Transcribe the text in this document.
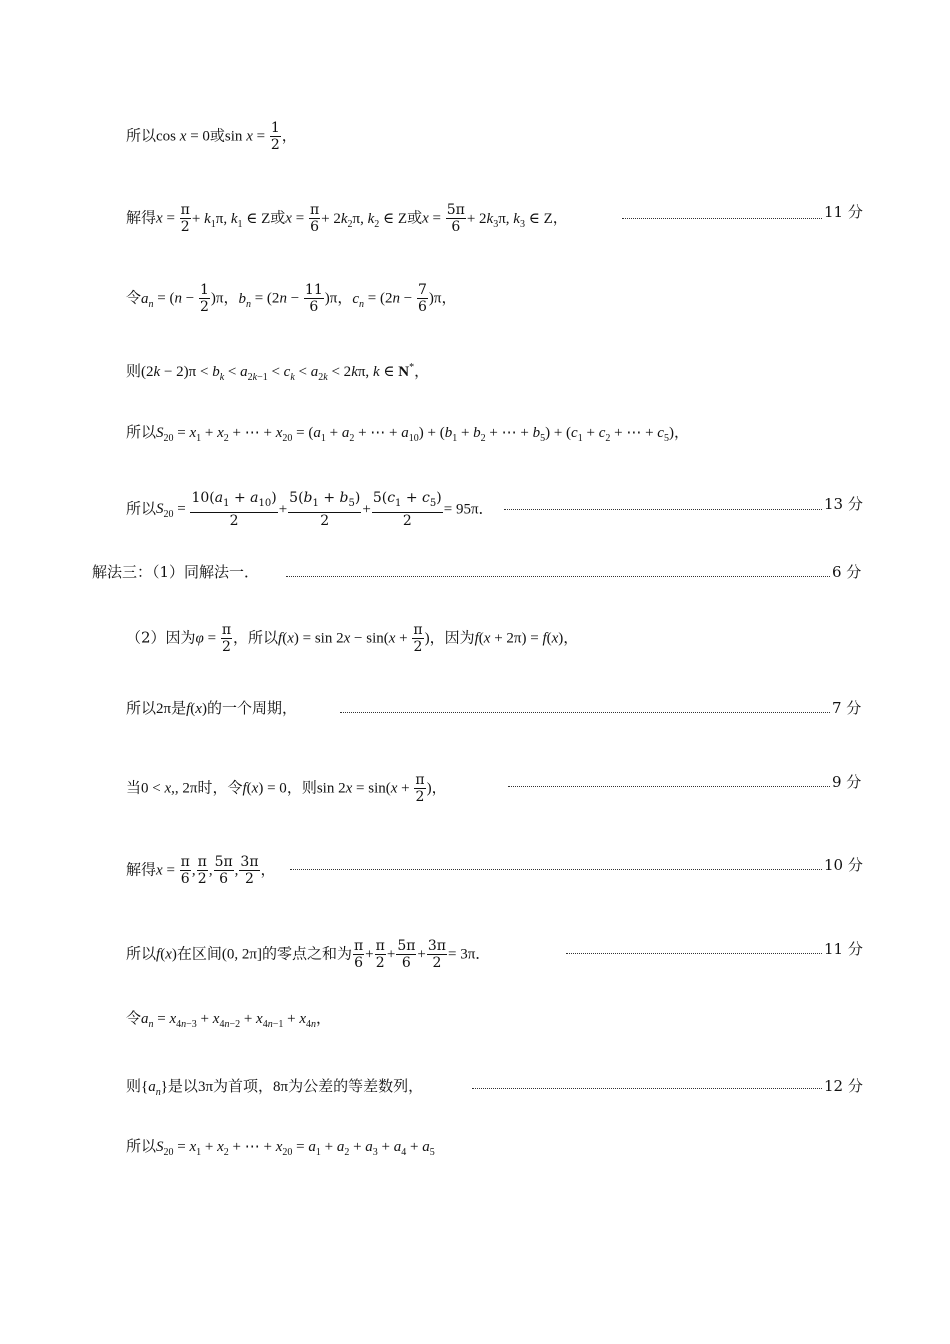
所以cos x = 0或$\sin x = \frac{1}{2}$ ，
解得$x = \frac{\pi}{2} + k_1\pi$, $k_1$ ∈ Z或$x = \frac{\pi}{6} + 2k_2\pi$, $k_2$ ∈ Z或$x = \frac{5\pi}{6} + 2k_3\pi$, $k_3$ ∈ Z，	11 分
令$a_n = (n - \frac{1}{2} )\pi$，$b_n = (2n - \frac{11}{6} )\pi$，$c_n = (2n - \frac{7}{6} )\pi$，
则$(2k - 2)\pi < b_k < a_{2k-1} < c_k < a_{2k} < 2k\pi$, k ∈ N*，
所以$S_{20} = x_1 + x_2$ + ⋯ + $x_{20} = (a_1 + a_2$ + ⋯ + $a_{10}) + (b_1 + b_2$ + ⋯ + $b_5) + (c_1 + c_2$ + ⋯ + $c_5$)，
所以$S_{20} = \frac{10(a_1 + a_{10})}{2} + \frac{5(b_1 + b_5)}{2} + \frac{5(c_1 + c_5)}{2} = 95\pi$．	13 分
解法三：（1）同解法一．	6 分
（2）因为$\varphi = \frac{\pi}{2}$ ，所以$f(x) = \sin 2x - \sin(x + \frac{\pi}{2}$ )，因为f(x + 2π) = f(x)，
所以2π是f(x)的一个周期，	7 分
当0 < x,, 2π时，令f(x) = 0，则$\sin 2x = \sin(x + \frac{\pi}{2}$ )，	9 分
解得$x = \frac{\pi}{6}$ , $\frac{\pi}{2}$ , $\frac{5\pi}{6}$ , $\frac{3\pi}{2}$ ，	10 分
所以f(x)在区间(0, 2π]的零点之和为 $\frac{\pi}{6} + \frac{\pi}{2} + \frac{5\pi}{6} + \frac{3\pi}{2} = 3\pi$．	11 分
令$a_n = x_{4n-3} + x_{4n-2} + x_{4n-1} + x_{4n}$，
则$\{a_n\}$是以3π为首项，8π为公差的等差数列，	12 分
所以$S_{20} = x_1 + x_2$ + ⋯ + $x_{20} = a_1 + a_2 + a_3 + a_4 + a_5$
